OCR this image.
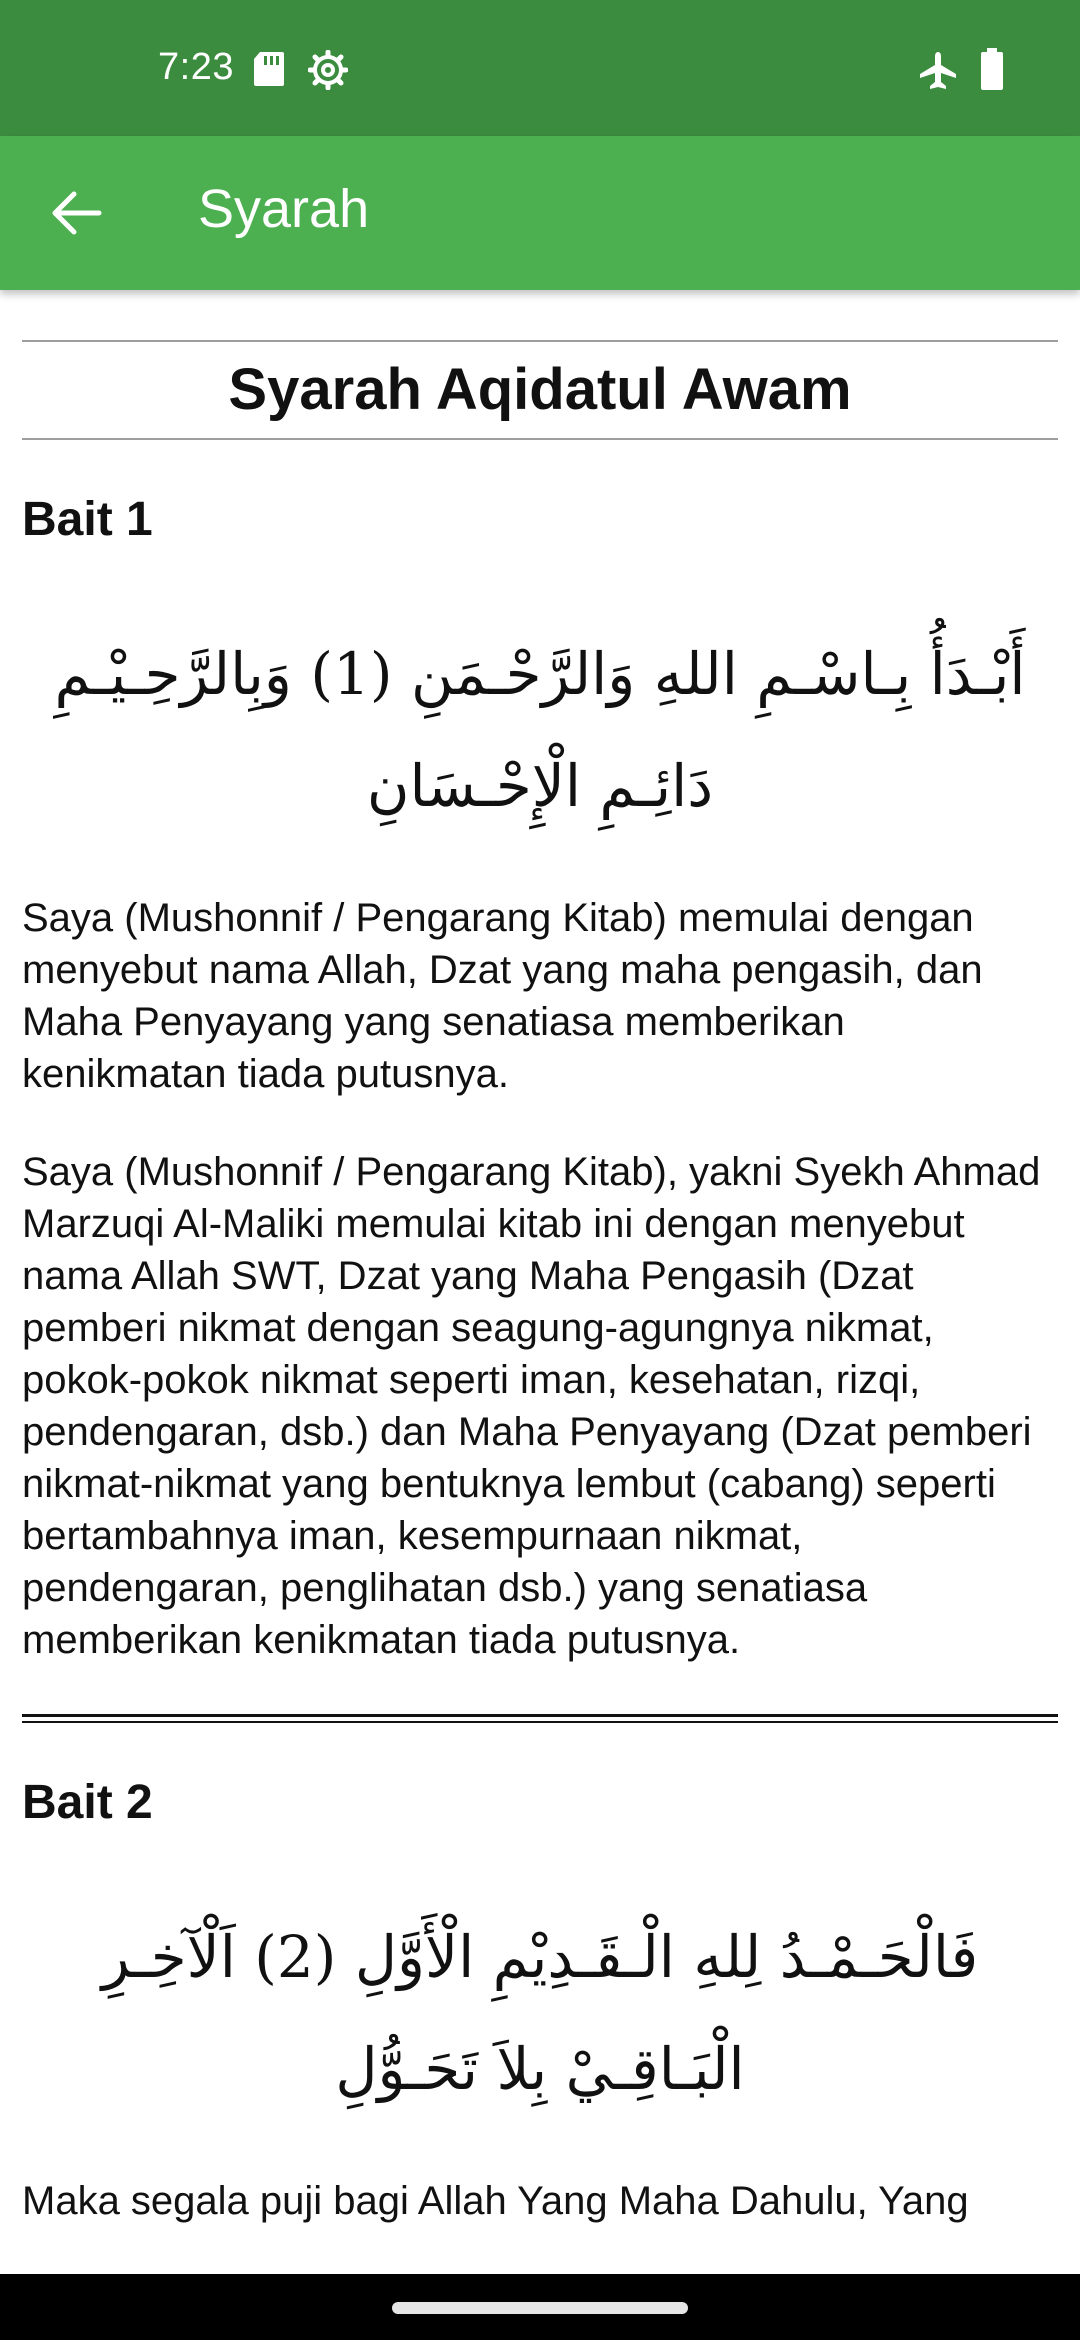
7:23
Syarah
Syarah Aqidatul Awam
Bait 1
أَبْـدَأُ بِـاسْـمِ اللهِ وَالرَّحْـمَنِ (1) وَبِالرَّحِـيْـمِ دَائِـمِ الْإِحْـسَانِ

Saya (Mushonnif / Pengarang Kitab) memulai dengan menyebut nama Allah, Dzat yang maha pengasih, dan Maha Penyayang yang senatiasa memberikan kenikmatan tiada putusnya.

Saya (Mushonnif / Pengarang Kitab), yakni Syekh Ahmad Marzuqi Al-Maliki memulai kitab ini dengan menyebut nama Allah SWT, Dzat yang Maha Pengasih (Dzat pemberi nikmat dengan seagung-agungnya nikmat, pokok-pokok nikmat seperti iman, kesehatan, rizqi, pendengaran, dsb.) dan Maha Penyayang (Dzat pemberi nikmat-nikmat yang bentuknya lembut (cabang) seperti bertambahnya iman, kesempurnaan nikmat, pendengaran, penglihatan dsb.) yang senatiasa memberikan kenikmatan tiada putusnya.

Bait 2
فَالْحَـمْـدُ لِلهِ الْـقَـدِيْمِ الْأَوَّلِ (2) اَلْآخِـرِ الْبَـاقِـيْ بِلاَ تَحَـوُّلِ

Maka segala puji bagi Allah Yang Maha Dahulu, Yang
